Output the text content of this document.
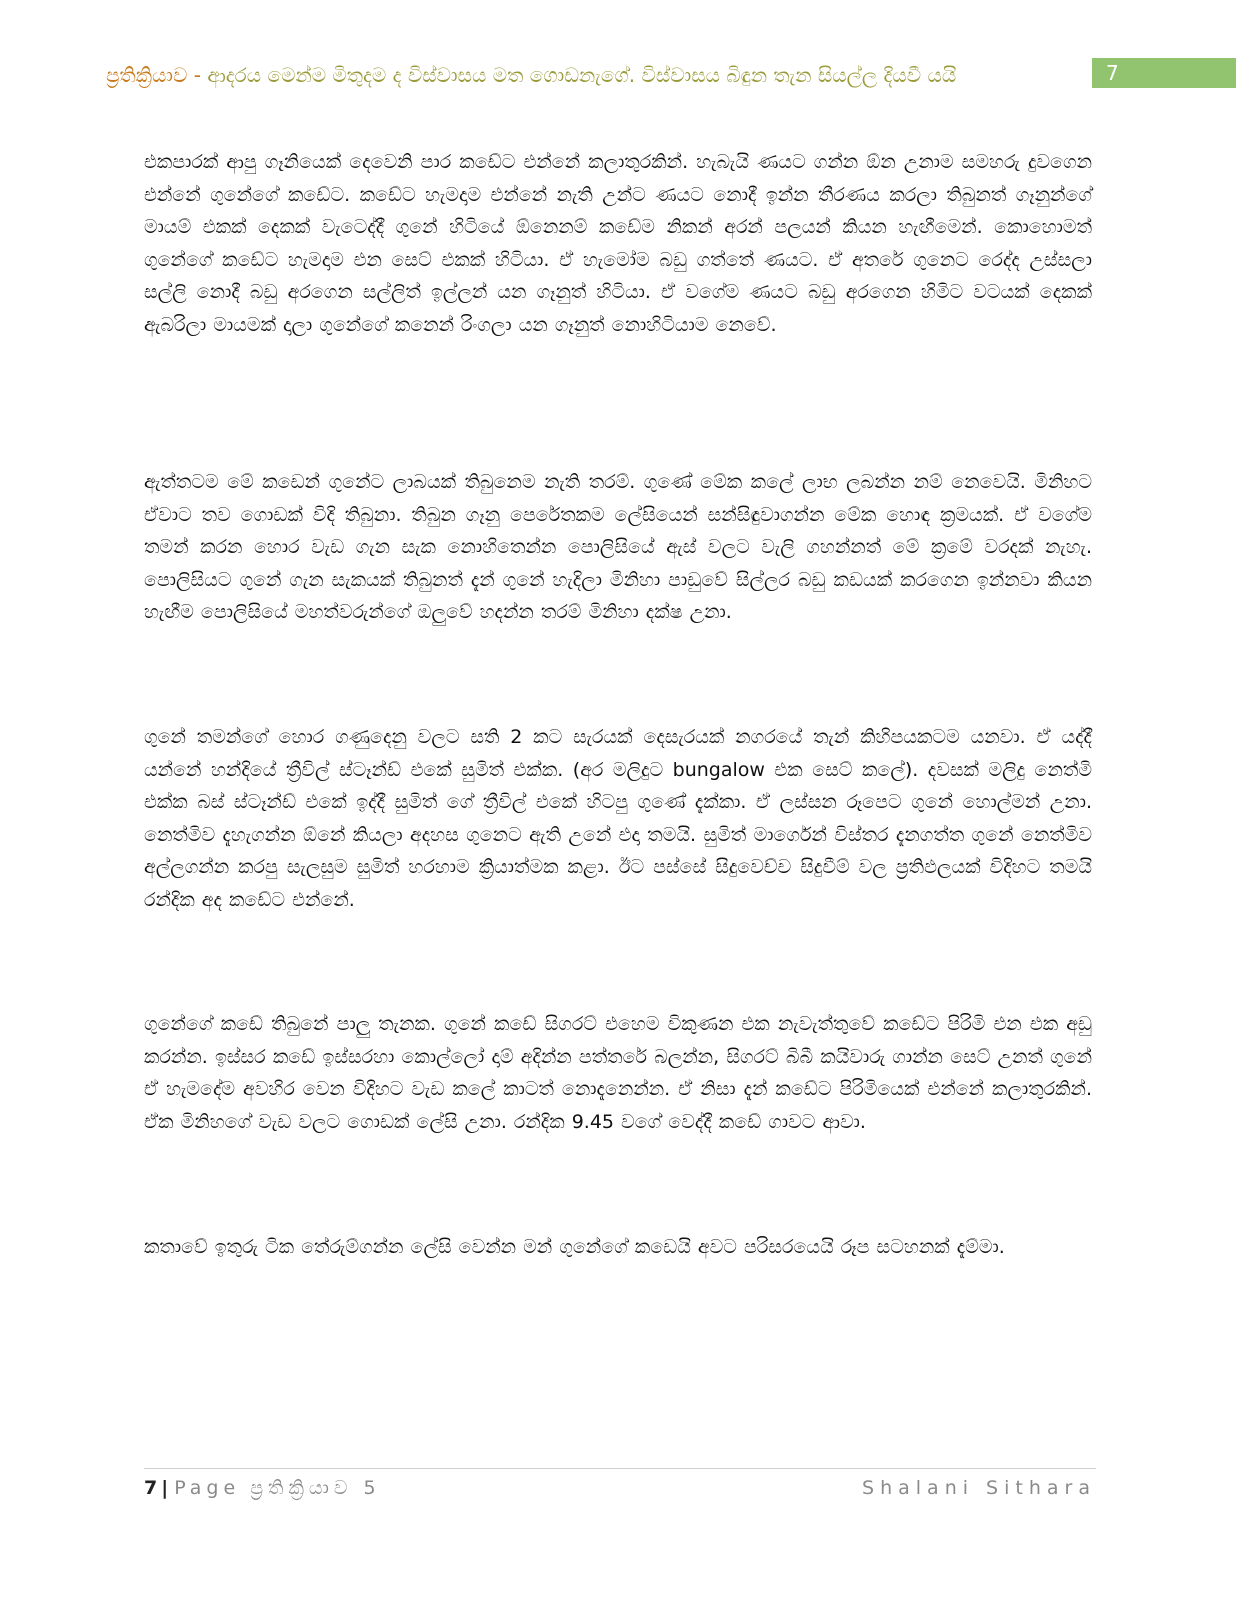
ප්‍රතික්‍රියාව - ආදරය මෙන්ම මිතුදම ද විස්වාසය මත ගොඩනැගේ. විස්වාසය බිඳුන තැන සියල්ල දියවී යයි	7

එකපාරක් ආපු ගෑනියෙක් දෙවෙනි පාර කඩේට එන්නේ කලාතුරකින්. හැබැයි ණයට ගන්න ඕන උනාම සමහරු දුවගෙන එන්නේ ගුනේගේ කඩේට. කඩේට හැමදාම එන්නේ නැති උන්ට ණයට නොදී ඉන්න තීරණය කරලා තිබුනත් ගෑනුන්ගේ මායම් එකක් දෙකක් වැටෙද්දී ගුනේ හිටියේ ඕනෙනම් කඩේම නිකන් අරන් පලයන් කියන හැඟීමෙන්. කොහොමත් ගුනේගේ කඩේට හැමදාම එන සෙට් එකක් හිටියා. ඒ හැමෝම බඩු ගත්තේ ණයට. ඒ අතරේ ගුනෙට රෙද්ද උස්සලා සල්ලි නොදී බඩු අරගෙන සල්ලිත් ඉල්ලන් යන ගෑනුත් හිටියා. ඒ වගේම ණයට බඩු අරගෙන හිමිට වටයක් දෙකක් ඇබරිලා මායමක් දාලා ගුනේගේ කනෙන් රිංගලා යන ගෑනුත් නොහිටියාම නෙවේ.

ඇත්තටම මේ කඩෙන් ගුනේට ලාබයක් තිබුනෙම නැති තරම්. ගුණේ මේක කලේ ලාභ ලබන්න නම් නෙවෙයි. මිනිහට ඒවාට තව ගොඩක් විදි තිබුනා. තිබුන ගෑනු පෙරේතකම ලේසියෙන් සන්සිඳුවාගන්න මේක හොඳ ක්‍රමයක්. ඒ වගේම තමන් කරන හොර වැඩ ගැන සැක නොහිතෙන්න පොලිසියේ ඇස් වලට වැලි ගහන්නත් මේ ක්‍රමේ වරදක් නැහැ. පොලිසියට ගුනේ ගැන සැකයක් තිබුනත් දැන් ගුනේ හැදිලා මිනිහා පාඩුවේ සිල්ලර බඩු කඩයක් කරගෙන ඉන්නවා කියන හැඟීම පොලිසියේ මහත්වරුන්ගේ ඔලුවේ හදන්න තරම් මිනිහා දක්ෂ උනා.

ගුනේ තමන්ගේ හොර ගණුදෙනු වලට සති 2 කට සැරයක් දෙසැරයක් නගරයේ තැන් කිහිපයකටම යනවා. ඒ යද්දී යන්නේ හන්දියේ ත්‍රීවිල් ස්ටෑන්ඩ් එකේ සුමිත් එක්ක. (අර මලිදුට bungalow එක සෙට් කලේ). දවසක් මලිදු නෙත්මි එක්ක බස් ස්ටෑන්ඩ් එකේ ඉද්දී සුමිත් ගේ ත්‍රීවිල් එකේ හිටපු ගුණේ දැක්කා. ඒ ලස්සන රූපෙට ගුනේ හොල්මන් උනා. නෙත්මිව දැහැගන්න ඕනේ කියලා අදහස ගුනෙට ඇති උනේ එදා තමයි. සුමිත් මාර්ගෙන් විස්තර දැනගත්ත ගුනේ නෙත්මිව අල්ලගන්න කරපු සැලසුම සුමිත් හරහාම ක්‍රියාත්මක කළා. ඊට පස්සේ සිදුවෙච්ච සිදුවීම් වල ප්‍රතිඵලයක් විදිහට තමයි රන්දික අද කඩේට එන්නේ.

ගුනේගේ කඩේ තිබුනේ පාලු තැනක. ගුනේ කඩේ සිගරට් එහෙම විකුණන එක නැවැත්තුවේ කඩේට පිරිමි එන එක අඩු කරන්න. ඉස්සර කඩේ ඉස්සරහා කොල්ලෝ දාම් අදින්න පත්තරේ බලන්න, සිගරට් බිබී කයිවාරු ගාන්න සෙට් උනත් ගුනේ ඒ හැමදේම අවහිර වෙන විදිහට වැඩ කලේ කාටත් නොදැනෙන්න. ඒ නිසා දැන් කඩේට පිරිමියෙක් එන්නේ කලාතුරකින්. ඒක මිනිහගේ වැඩ වලට ගොඩක් ලේසි උනා. රන්දික 9.45 වගේ වෙද්දී කඩේ ගාවට ආවා.

කතාවේ ඉතුරු ටික තේරුම්ගන්න ලේසි වෙන්න මන් ගුනේගේ කඩෙයි අවට පරිසරයෙයි රූප සටහනක් දැම්මා.

7 | Page ප්‍රතික්‍රියාව 5	Shalani Sithara
